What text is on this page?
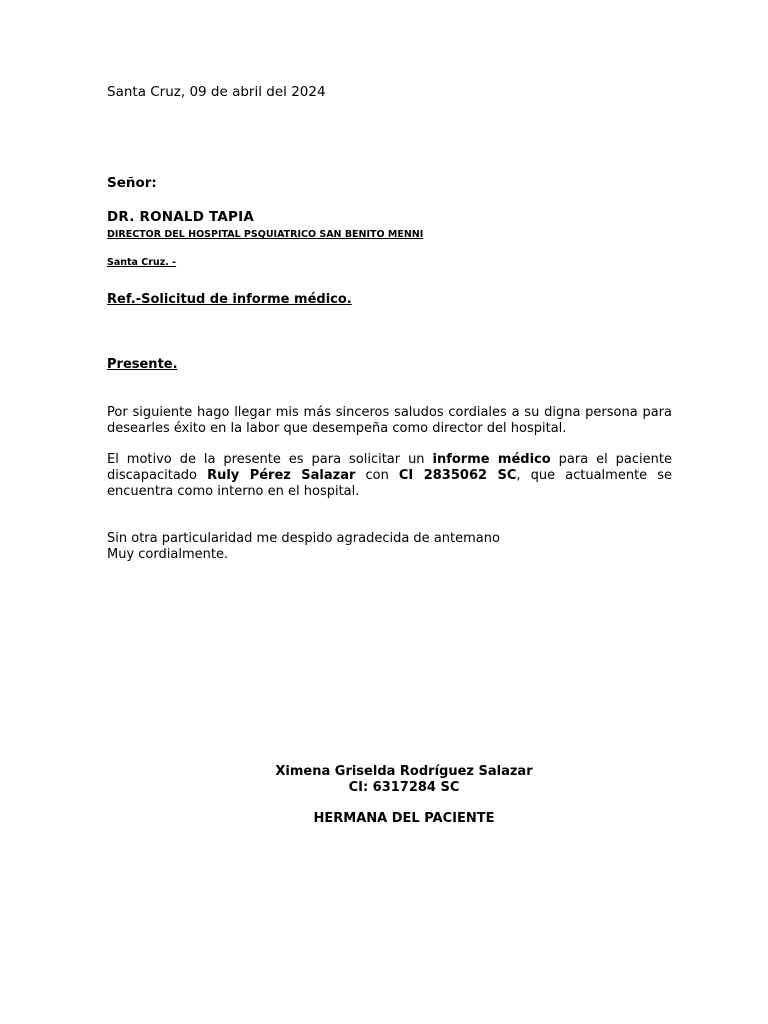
Santa Cruz, 09 de abril del 2024
Señor:
DR. RONALD TAPIA
DIRECTOR DEL HOSPITAL PSQUIATRICO SAN BENITO MENNI
Santa Cruz. -
Ref.-Solicitud de informe médico.
Presente.
Por siguiente hago llegar mis más sinceros saludos cordiales a su digna persona para desearles éxito en la labor que desempeña como director del hospital.
El motivo de la presente es para solicitar un informe médico para el paciente discapacitado Ruly Pérez Salazar con CI 2835062 SC, que actualmente se encuentra como interno en el hospital.
Sin otra particularidad me despido agradecida de antemano
Muy cordialmente.
Ximena Griselda Rodríguez Salazar
CI: 6317284 SC
HERMANA DEL PACIENTE
